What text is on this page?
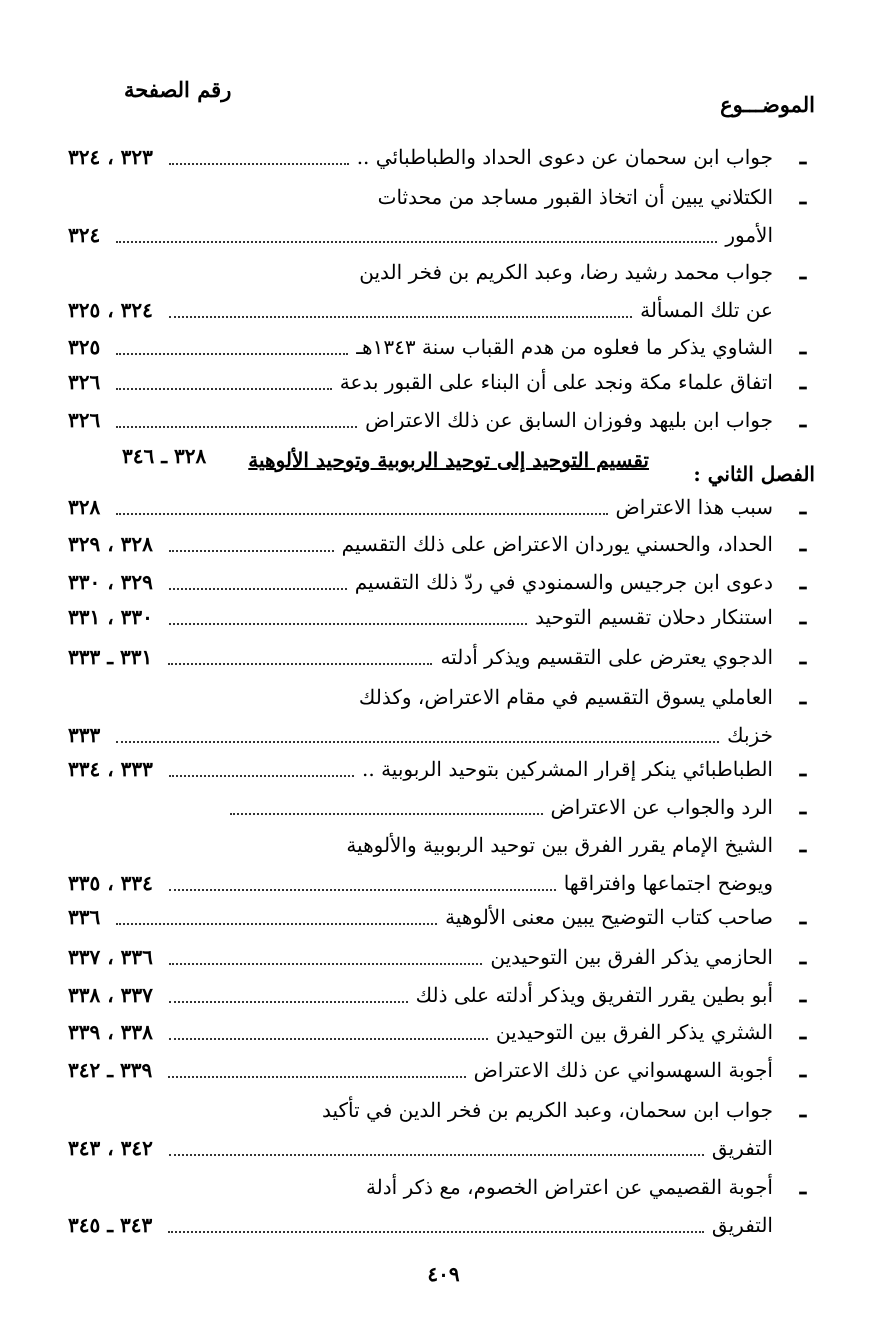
الموضـــوع
رقم الصفحة
الفصل الثاني :
تقسيم التوحيد إلى توحيد الربوبية وتوحيد الألوهية
٣٢٨ ـ ٣٤٦
ـ
جواب ابن سحمان عن دعوى الحداد والطباطبائي ..
٣٢٣ ، ٣٢٤
ـ
الكتلاني يبين أن اتخاذ القبور مساجد من محدثات
الأمور
٣٢٤
ـ
جواب محمد رشيد رضا، وعبد الكريم بن فخر الدين
عن تلك المسألة
٣٢٤ ، ٣٢٥
ـ
الشاوي يذكر ما فعلوه من هدم القباب سنة ١٣٤٣هـ
٣٢٥
ـ
اتفاق علماء مكة ونجد على أن البناء على القبور بدعة
٣٢٦
ـ
جواب ابن بليهد وفوزان السابق عن ذلك الاعتراض
٣٢٦
ـ
سبب هذا الاعتراض
٣٢٨
ـ
الحداد، والحسني يوردان الاعتراض على ذلك التقسيم
٣٢٨ ، ٣٢٩
ـ
دعوى ابن جرجيس والسمنودي في ردّ ذلك التقسيم
٣٢٩ ، ٣٣٠
ـ
استنكار دحلان تقسيم التوحيد
٣٣٠ ، ٣٣١
ـ
الدجوي يعترض على التقسيم ويذكر أدلته
٣٣١ ـ ٣٣٣
ـ
العاملي يسوق التقسيم في مقام الاعتراض، وكذلك
خزبك
٣٣٣
ـ
الطباطبائي ينكر إقرار المشركين بتوحيد الربوبية ..
٣٣٣ ، ٣٣٤
ـ
الرد والجواب عن الاعتراض
ـ
الشيخ الإمام يقرر الفرق بين توحيد الربوبية والألوهية
ويوضح اجتماعها وافتراقها
٣٣٤ ، ٣٣٥
ـ
صاحب كتاب التوضيح يبين معنى الألوهية
٣٣٦
ـ
الحازمي يذكر الفرق بين التوحيدين
٣٣٦ ، ٣٣٧
ـ
أبو بطين يقرر التفريق ويذكر أدلته على ذلك
٣٣٧ ، ٣٣٨
ـ
الشثري يذكر الفرق بين التوحيدين
٣٣٨ ، ٣٣٩
ـ
أجوبة السهسواني عن ذلك الاعتراض
٣٣٩ ـ ٣٤٢
ـ
جواب ابن سحمان، وعبد الكريم بن فخر الدين في تأكيد
التفريق
٣٤٢ ، ٣٤٣
ـ
أجوبة القصيمي عن اعتراض الخصوم، مع ذكر أدلة
التفريق
٣٤٣ ـ ٣٤٥
٤٠٩
